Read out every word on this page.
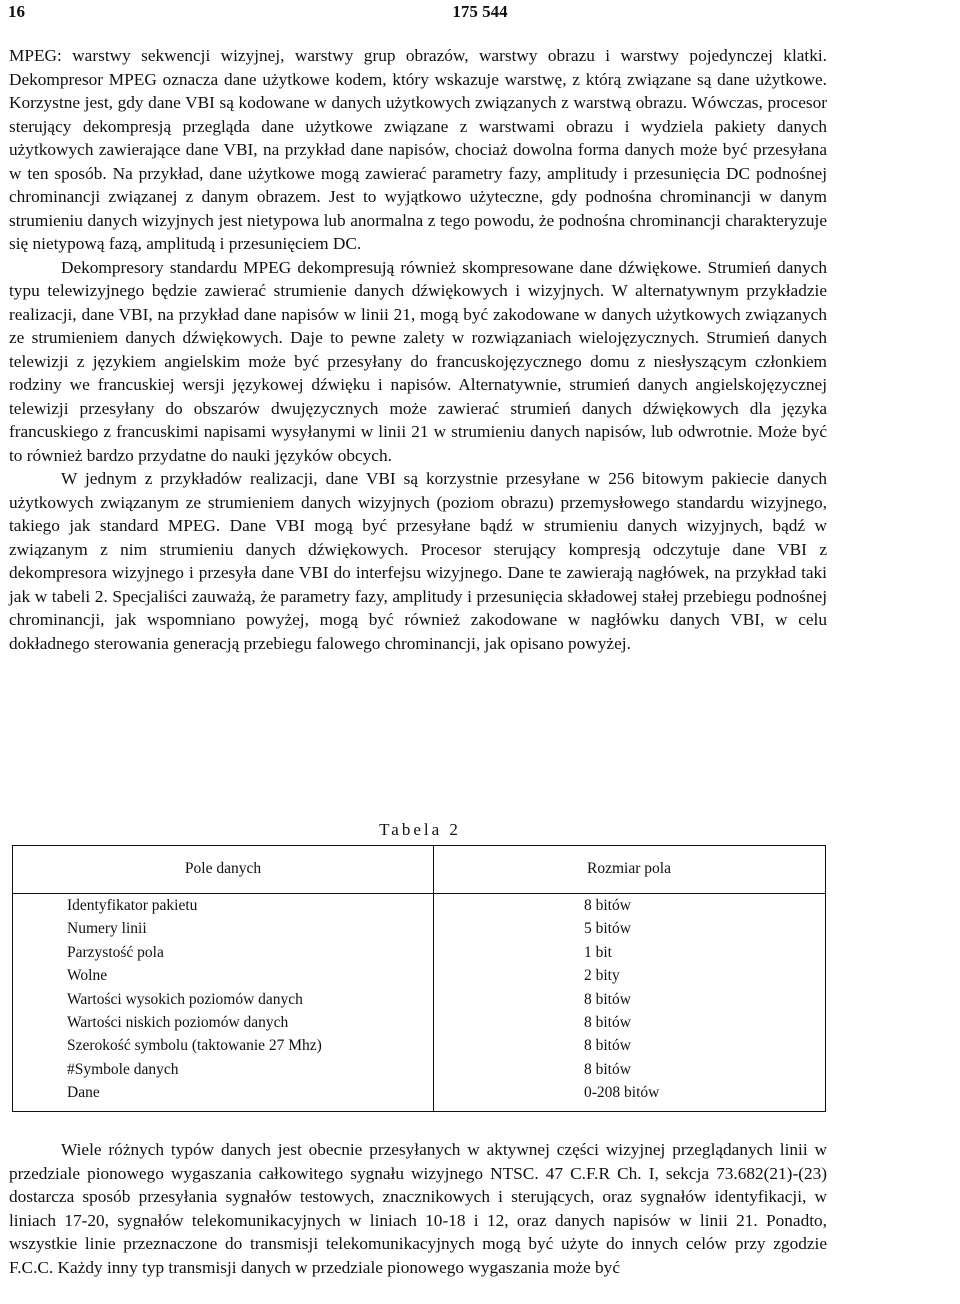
16	175 544

MPEG: warstwy sekwencji wizyjnej, warstwy grup obrazów, warstwy obrazu i warstwy pojedynczej klatki. Dekompresor MPEG oznacza dane użytkowe kodem, który wskazuje warstwę, z którą związane są dane użytkowe. Korzystne jest, gdy dane VBI są kodowane w danych użytkowych związanych z warstwą obrazu. Wówczas, procesor sterujący dekompresją przegląda dane użytkowe związane z warstwami obrazu i wydziela pakiety danych użytkowych zawierające dane VBI, na przykład dane napisów, chociaż dowolna forma danych może być przesyłana w ten sposób. Na przykład, dane użytkowe mogą zawierać parametry fazy, amplitudy i przesunięcia DC podnośnej chrominancji związanej z danym obrazem. Jest to wyjątkowo użyteczne, gdy podnośna chrominancji w danym strumieniu danych wizyjnych jest nietypowa lub anormalna z tego powodu, że podnośna chrominancji charakteryzuje się nietypową fazą, amplitudą i przesunięciem DC.

Dekompresory standardu MPEG dekompresują również skompresowane dane dźwiękowe. Strumień danych typu telewizyjnego będzie zawierać strumienie danych dźwiękowych i wizyjnych. W alternatywnym przykładzie realizacji, dane VBI, na przykład dane napisów w linii 21, mogą być zakodowane w danych użytkowych związanych ze strumieniem danych dźwiękowych. Daje to pewne zalety w rozwiązaniach wielojęzycznych. Strumień danych telewizji z językiem angielskim może być przesyłany do francuskojęzycznego domu z niesłyszącym członkiem rodziny we francuskiej wersji językowej dźwięku i napisów. Alternatywnie, strumień danych angielskojęzycznej telewizji przesyłany do obszarów dwujęzycznych może zawierać strumień danych dźwiękowych dla języka francuskiego z francuskimi napisami wysyłanymi w linii 21 w strumieniu danych napisów, lub odwrotnie. Może być to również bardzo przydatne do nauki języków obcych.

W jednym z przykładów realizacji, dane VBI są korzystnie przesyłane w 256 bitowym pakiecie danych użytkowych związanym ze strumieniem danych wizyjnych (poziom obrazu) przemysłowego standardu wizyjnego, takiego jak standard MPEG. Dane VBI mogą być przesyłane bądź w strumieniu danych wizyjnych, bądź w związanym z nim strumieniu danych dźwiękowych. Procesor sterujący kompresją odczytuje dane VBI z dekompresora wizyjnego i przesyła dane VBI do interfejsu wizyjnego. Dane te zawierają nagłówek, na przykład taki jak w tabeli 2. Specjaliści zauważą, że parametry fazy, amplitudy i przesunięcia składowej stałej przebiegu podnośnej chrominancji, jak wspomniano powyżej, mogą być również zakodowane w nagłówku danych VBI, w celu dokładnego sterowania generacją przebiegu falowego chrominancji, jak opisano powyżej.

Tabela 2
Pole danych	Rozmiar pola
Identyfikator pakietu	8 bitów
Numery linii	5 bitów
Parzystość pola	1 bit
Wolne	2 bity
Wartości wysokich poziomów danych	8 bitów
Wartości niskich poziomów danych	8 bitów
Szerokość symbolu (taktowanie 27 Mhz)	8 bitów
#Symbole danych	8 bitów
Dane	0-208 bitów

Wiele różnych typów danych jest obecnie przesyłanych w aktywnej części wizyjnej przeglądanych linii w przedziale pionowego wygaszania całkowitego sygnału wizyjnego NTSC. 47 C.F.R Ch. I, sekcja 73.682(21)-(23) dostarcza sposób przesyłania sygnałów testowych, znacznikowych i sterujących, oraz sygnałów identyfikacji, w liniach 17-20, sygnałów telekomunikacyjnych w liniach 10-18 i 12, oraz danych napisów w linii 21. Ponadto, wszystkie linie przeznaczone do transmisji telekomunikacyjnych mogą być użyte do innych celów przy zgodzie F.C.C. Każdy inny typ transmisji danych w przedziale pionowego wygaszania może być
